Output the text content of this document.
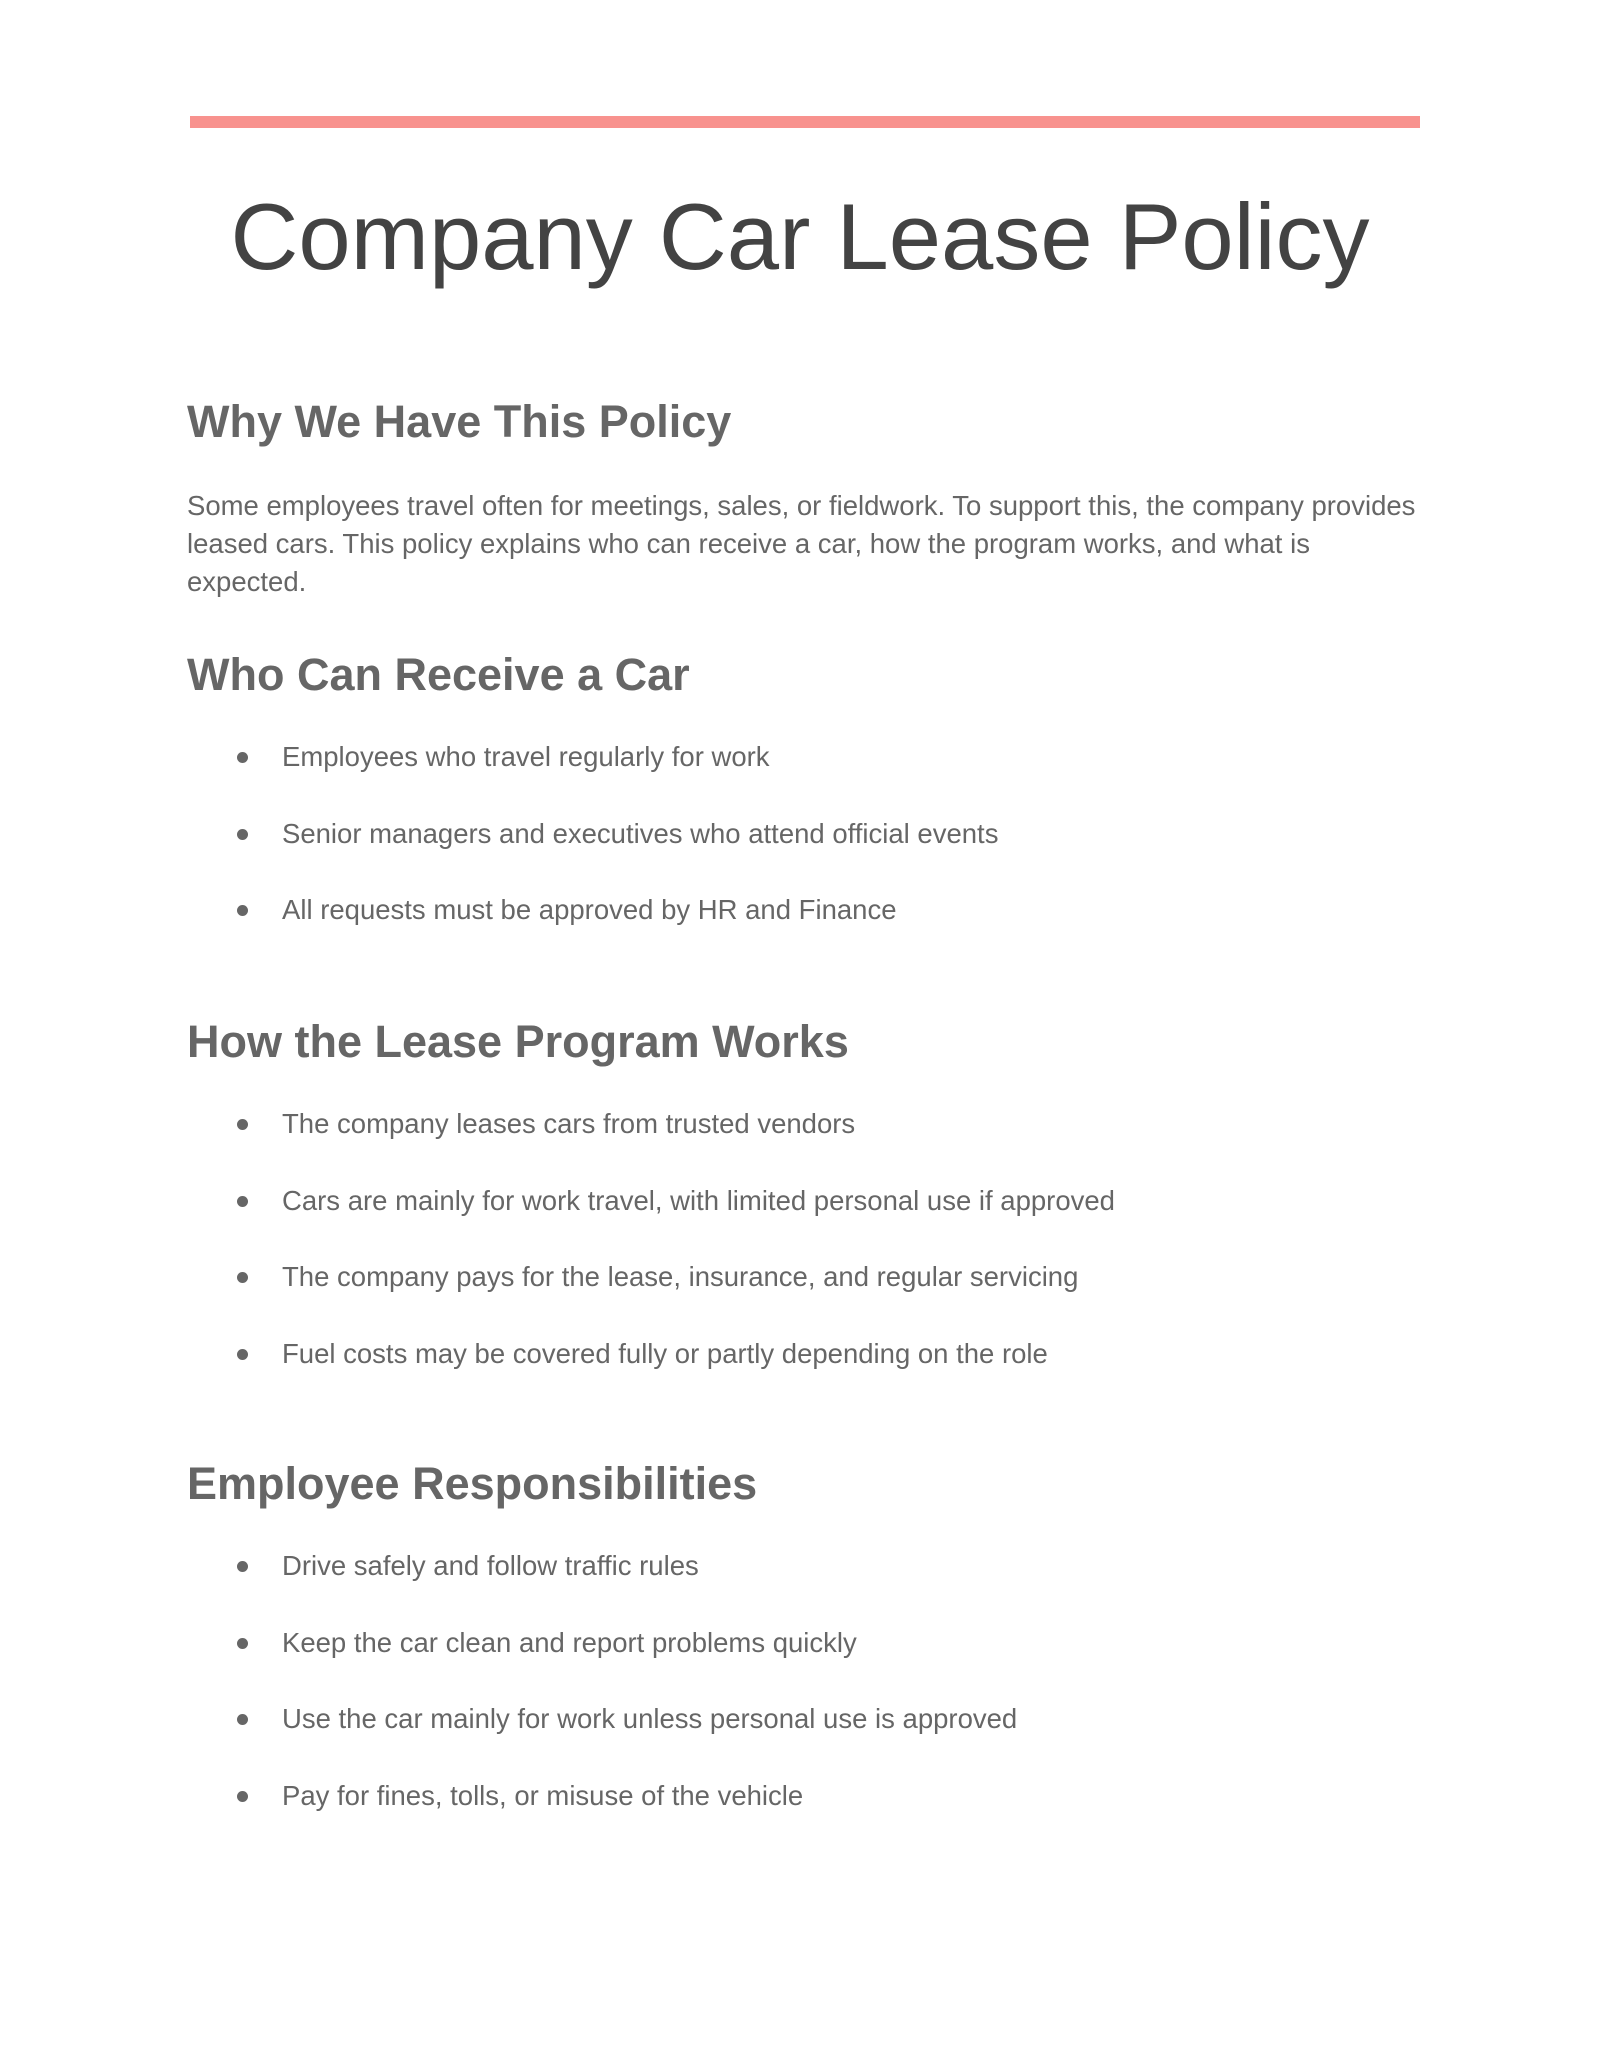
Company Car Lease Policy
Why We Have This Policy

Some employees travel often for meetings, sales, or fieldwork. To support this, the company provides leased cars. This policy explains who can receive a car, how the program works, and what is expected.

Who Can Receive a Car
Employees who travel regularly for work
Senior managers and executives who attend official events
All requests must be approved by HR and Finance
How the Lease Program Works
The company leases cars from trusted vendors
Cars are mainly for work travel, with limited personal use if approved
The company pays for the lease, insurance, and regular servicing
Fuel costs may be covered fully or partly depending on the role
Employee Responsibilities
Drive safely and follow traffic rules
Keep the car clean and report problems quickly
Use the car mainly for work unless personal use is approved
Pay for fines, tolls, or misuse of the vehicle
